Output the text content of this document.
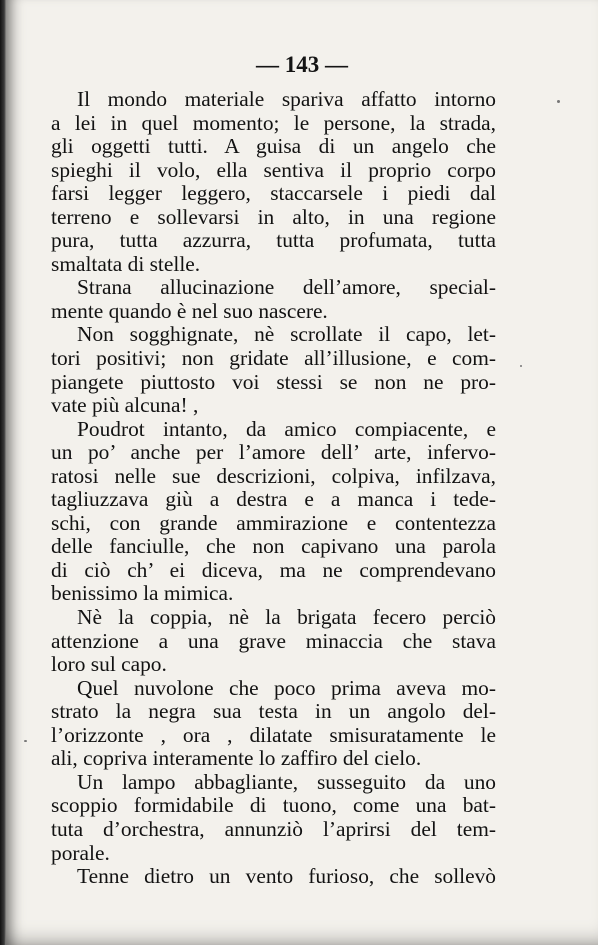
— 143 —
Il mondo materiale spariva affatto intorno
a lei in quel momento; le persone, la strada,
gli oggetti tutti. A guisa di un angelo che
spieghi il volo, ella sentiva il proprio corpo
farsi legger leggero, staccarsele i piedi dal
terreno e sollevarsi in alto, in una regione
pura, tutta azzurra, tutta profumata, tutta
smaltata di stelle.
Strana allucinazione dell’amore, special-
mente quando è nel suo nascere.
Non sogghignate, nè scrollate il capo, let-
tori positivi; non gridate all’illusione, e com-
piangete piuttosto voi stessi se non ne pro-
vate più alcuna! ,
Poudrot intanto, da amico compiacente, e
un po’ anche per l’amore dell’ arte, infervo-
ratosi nelle sue descrizioni, colpiva, infilzava,
tagliuzzava giù a destra e a manca i tede-
schi, con grande ammirazione e contentezza
delle fanciulle, che non capivano una parola
di ciò ch’ ei diceva, ma ne comprendevano
benissimo la mimica.
Nè la coppia, nè la brigata fecero perciò
attenzione a una grave minaccia che stava
loro sul capo.
Quel nuvolone che poco prima aveva mo-
strato la negra sua testa in un angolo del-
l’orizzonte , ora , dilatate smisuratamente le
ali, copriva interamente lo zaffiro del cielo.
Un lampo abbagliante, susseguito da uno
scoppio formidabile di tuono, come una bat-
tuta d’orchestra, annunziò l’aprirsi del tem-
porale.
Tenne dietro un vento furioso, che sollevò
